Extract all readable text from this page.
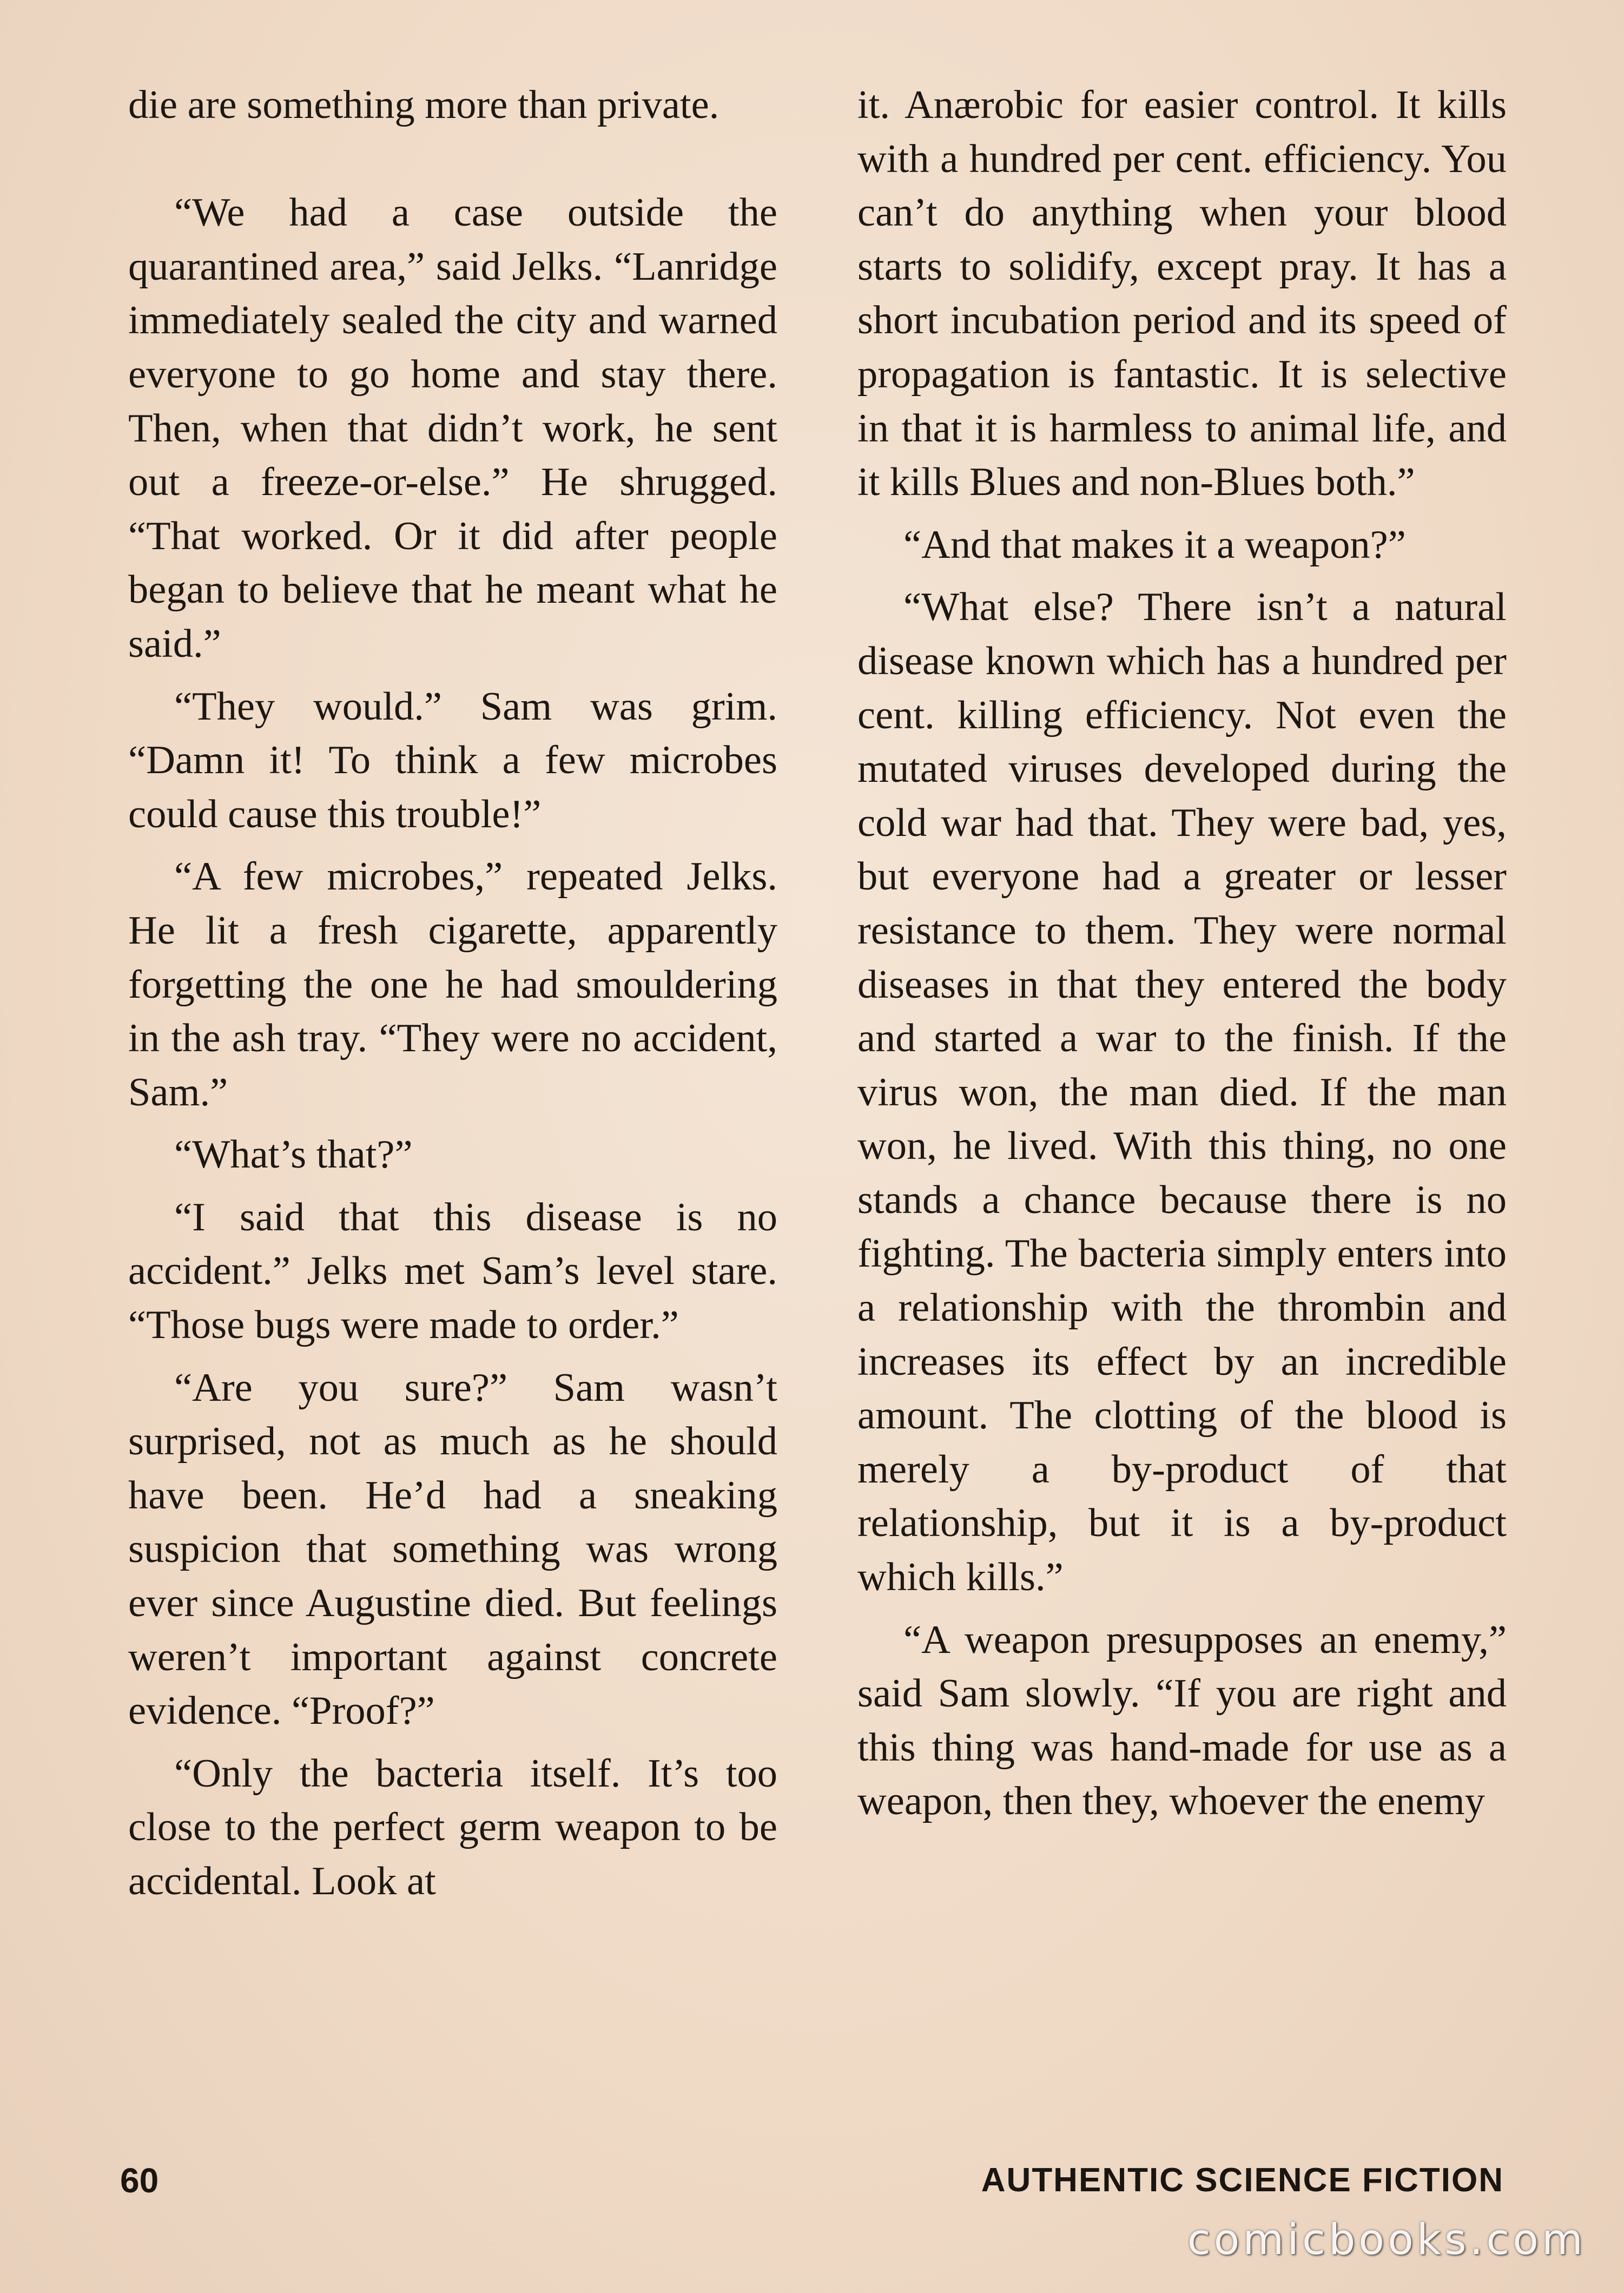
die are something more than private.

“We had a case outside the quarantined area,” said Jelks. “Lanridge immediately sealed the city and warned everyone to go home and stay there. Then, when that didn’t work, he sent out a freeze-or-else.” He shrugged. “That worked. Or it did after people began to believe that he meant what he said.”

“They would.” Sam was grim. “Damn it! To think a few microbes could cause this trouble!”

“A few microbes,” repeated Jelks. He lit a fresh cigarette, apparently forgetting the one he had smouldering in the ash tray. “They were no accident, Sam.”

“What’s that?”

“I said that this disease is no accident.” Jelks met Sam’s level stare. “Those bugs were made to order.”

“Are you sure?” Sam wasn’t surprised, not as much as he should have been. He’d had a sneaking suspicion that something was wrong ever since Augustine died. But feelings weren’t important against concrete evidence. “Proof?”

“Only the bacteria itself. It’s too close to the perfect germ weapon to be accidental. Look at

it. Anærobic for easier control. It kills with a hundred per cent. efficiency. You can’t do anything when your blood starts to solidify, except pray. It has a short incubation period and its speed of propagation is fantastic. It is selective in that it is harmless to animal life, and it kills Blues and non-Blues both.”

“And that makes it a weapon?”

“What else? There isn’t a natural disease known which has a hundred per cent. killing efficiency. Not even the mutated viruses developed during the cold war had that. They were bad, yes, but everyone had a greater or lesser resistance to them. They were normal diseases in that they entered the body and started a war to the finish. If the virus won, the man died. If the man won, he lived. With this thing, no one stands a chance because there is no fighting. The bacteria simply enters into a relationship with the thrombin and increases its effect by an incredible amount. The clotting of the blood is merely a by-product of that relationship, but it is a by-product which kills.”

“A weapon presupposes an enemy,” said Sam slowly. “If you are right and this thing was hand-made for use as a weapon, then they, whoever the enemy

60	AUTHENTIC SCIENCE FICTION
comicbooks.com
